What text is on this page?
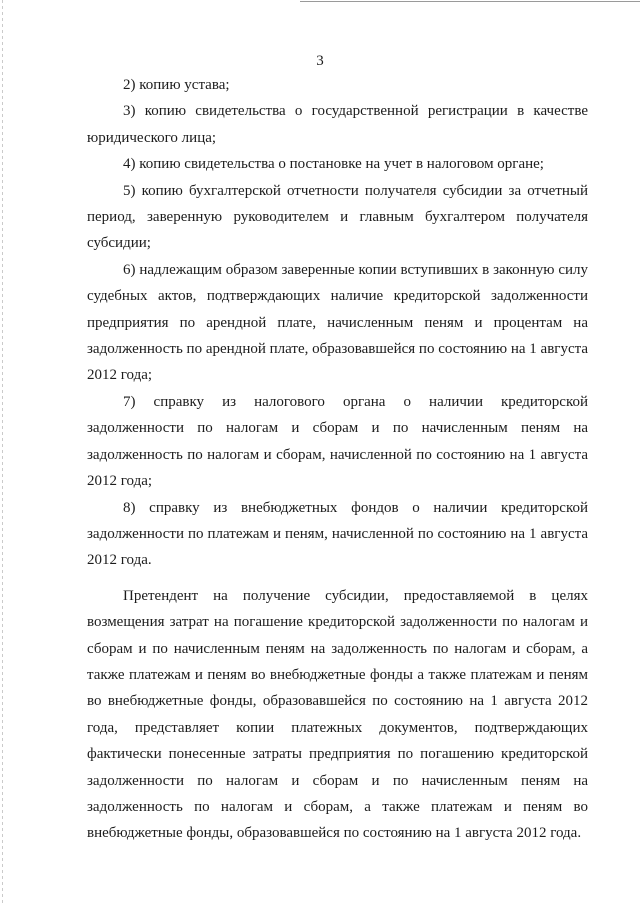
3

2) копию устава;

3) копию свидетельства о государственной регистрации в качестве юридического лица;

4) копию свидетельства о постановке на учет в налоговом органе;

5) копию бухгалтерской отчетности получателя субсидии за отчетный период, заверенную руководителем и главным бухгалтером получателя субсидии;

6) надлежащим образом заверенные копии вступивших в законную силу судебных актов, подтверждающих наличие кредиторской задолженности предприятия по арендной плате, начисленным пеням и процентам на задолженность по арендной плате, образовавшейся по состоянию на 1 августа 2012 года;

7) справку из налогового органа о наличии кредиторской задолженности по налогам и сборам и по начисленным пеням на задолженность по налогам и сборам, начисленной по состоянию на 1 августа 2012 года;

8) справку из внебюджетных фондов о наличии кредиторской задолженности по платежам и пеням, начисленной по состоянию на 1 августа 2012 года.

Претендент на получение субсидии, предоставляемой в целях возмещения затрат на погашение кредиторской задолженности по налогам и сборам и по начисленным пеням на задолженность по налогам и сборам, а также платежам и пеням во внебюджетные фонды а также платежам и пеням во внебюджетные фонды, образовавшейся по состоянию на 1 августа 2012 года, представляет копии платежных документов, подтверждающих фактически понесенные затраты предприятия по погашению кредиторской задолженности по налогам и сборам и по начисленным пеням на задолженность по налогам и сборам, а также платежам и пеням во внебюджетные фонды, образовавшейся по состоянию на 1 августа 2012 года.
